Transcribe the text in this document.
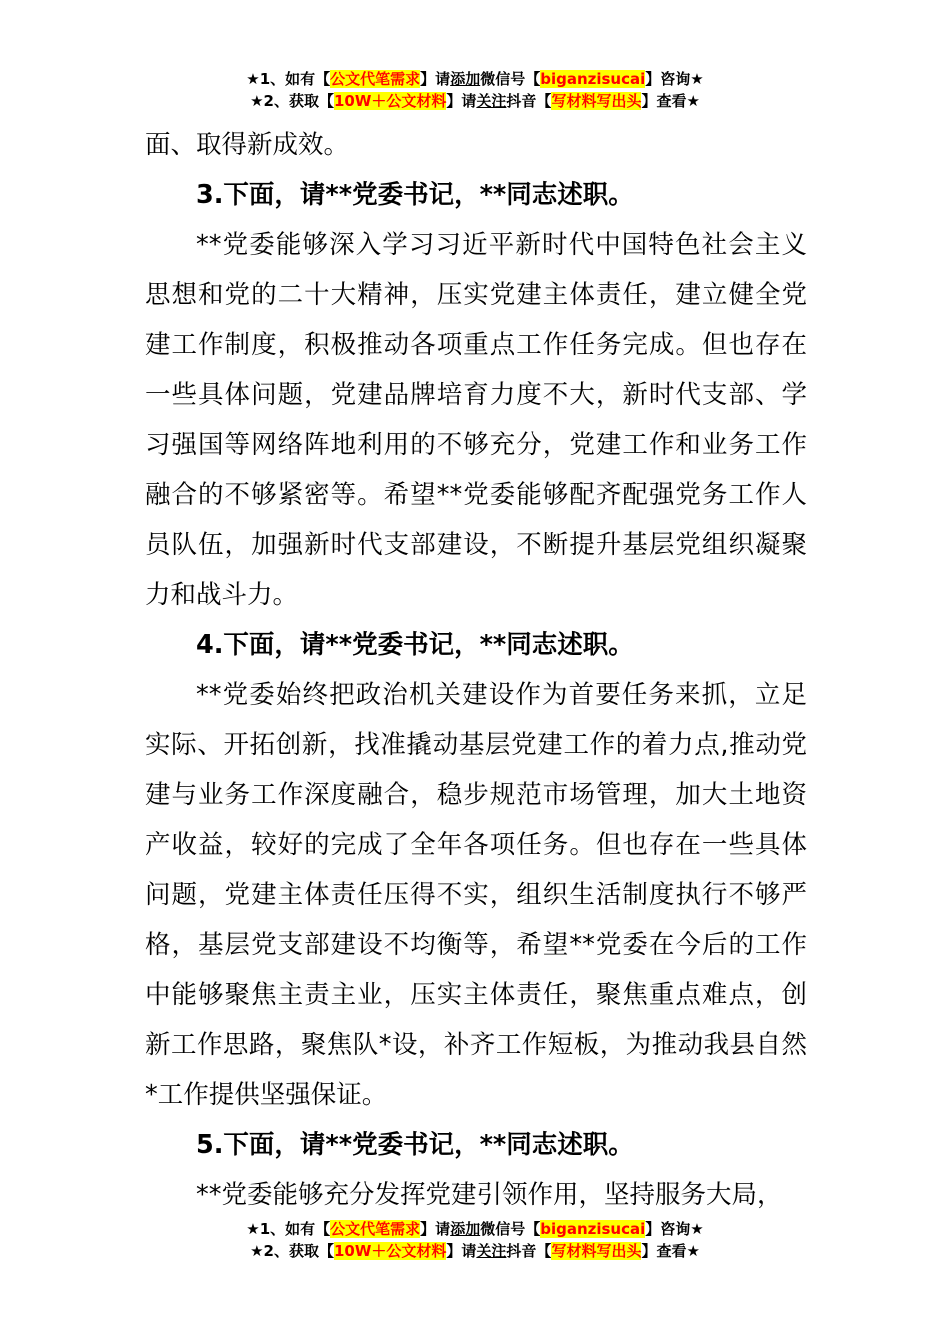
★1、如有【公文代笔需求】请添加微信号【biganzisucai】咨询★
★2、获取【10W＋公文材料】请关注抖音【写材料写出头】查看★

面、取得新成效。

3.下面，请**党委书记，**同志述职。

**党委能够深入学习习近平新时代中国特色社会主义思想和党的二十大精神，压实党建主体责任，建立健全党建工作制度，积极推动各项重点工作任务完成。但也存在一些具体问题，党建品牌培育力度不大，新时代支部、学习强国等网络阵地利用的不够充分，党建工作和业务工作融合的不够紧密等。希望**党委能够配齐配强党务工作人员队伍，加强新时代支部建设，不断提升基层党组织凝聚力和战斗力。

4.下面，请**党委书记，**同志述职。

**党委始终把政治机关建设作为首要任务来抓，立足实际、开拓创新，找准撬动基层党建工作的着力点,推动党建与业务工作深度融合，稳步规范市场管理，加大土地资产收益，较好的完成了全年各项任务。但也存在一些具体问题，党建主体责任压得不实，组织生活制度执行不够严格，基层党支部建设不均衡等，希望**党委在今后的工作中能够聚焦主责主业，压实主体责任，聚焦重点难点，创新工作思路，聚焦队*设，补齐工作短板，为推动我县自然*工作提供坚强保证。

5.下面，请**党委书记，**同志述职。

**党委能够充分发挥党建引领作用，坚持服务大局，

★1、如有【公文代笔需求】请添加微信号【biganzisucai】咨询★
★2、获取【10W＋公文材料】请关注抖音【写材料写出头】查看★
